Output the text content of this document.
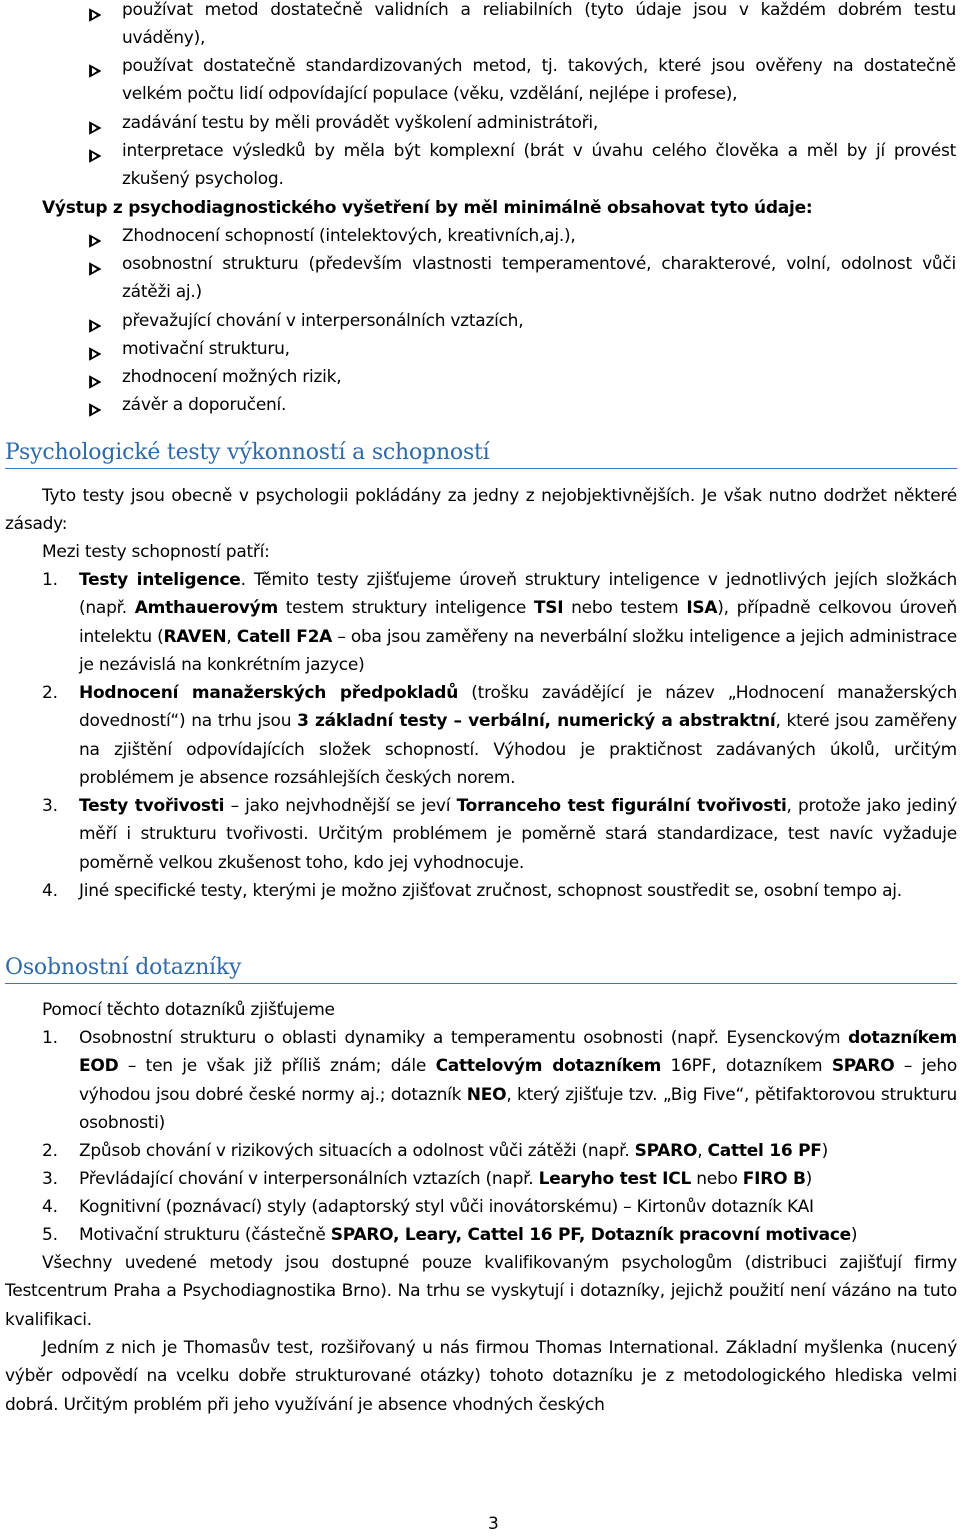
používat metod dostatečně validních a reliabilních (tyto údaje jsou v každém dobrém testu uváděny),
používat dostatečně standardizovaných metod, tj. takových, které jsou ověřeny na dostatečně velkém počtu lidí odpovídající populace (věku, vzdělání, nejlépe i profese),
zadávání testu by měli provádět vyškolení administrátoři,
interpretace výsledků by měla být komplexní (brát v úvahu celého člověka a měl by jí provést zkušený psycholog.
Výstup z psychodiagnostického vyšetření by měl minimálně obsahovat tyto údaje:
Zhodnocení schopností (intelektových, kreativních,aj.),
osobnostní strukturu (především vlastnosti temperamentové, charakterové, volní, odolnost vůči zátěži aj.)
převažující chování v interpersonálních vztazích,
motivační strukturu,
zhodnocení možných rizik,
závěr a doporučení.
Psychologické testy výkonností a schopností
Tyto testy jsou obecně v psychologii pokládány za jedny z nejobjektivnějších. Je však nutno dodržet některé zásady:
Mezi testy schopností patří:
1.	Testy inteligence. Těmito testy zjišťujeme úroveň struktury inteligence v jednotlivých jejích složkách (např. Amthauerovým testem struktury inteligence TSI nebo testem ISA), případně celkovou úroveň intelektu (RAVEN, Catell F2A – oba jsou zaměřeny na neverbální složku inteligence a jejich administrace je nezávislá na konkrétním jazyce)
2.	Hodnocení manažerských předpokladů (trošku zavádějící je název „Hodnocení manažerských dovedností“) na trhu jsou 3 základní testy – verbální, numerický a abstraktní, které jsou zaměřeny na zjištění odpovídajících složek schopností. Výhodou je praktičnost zadávaných úkolů, určitým problémem je absence rozsáhlejších českých norem.
3.	Testy tvořivosti – jako nejvhodnější se jeví Torranceho test figurální tvořivosti, protože jako jediný měří i strukturu tvořivosti. Určitým problémem je poměrně stará standardizace, test navíc vyžaduje poměrně velkou zkušenost toho, kdo jej vyhodnocuje.
4.	Jiné specifické testy, kterými je možno zjišťovat zručnost, schopnost soustředit se, osobní tempo aj.
Osobnostní dotazníky
Pomocí těchto dotazníků zjišťujeme
1.	Osobnostní strukturu o oblasti dynamiky a temperamentu osobnosti (např. Eysenckovým dotazníkem EOD – ten je však již příliš znám; dále Cattelovým dotazníkem 16PF, dotazníkem SPARO – jeho výhodou jsou dobré české normy aj.; dotazník NEO, který zjišťuje tzv. „Big Five“, pětifaktorovou strukturu osobnosti)
2.	Způsob chování v rizikových situacích a odolnost vůči zátěži (např. SPARO, Cattel 16 PF)
3.	Převládající chování v interpersonálních vztazích (např. Learyho test ICL nebo FIRO B)
4.	Kognitivní (poznávací) styly (adaptorský styl vůči inovátorskému) – Kirtonův dotazník KAI
5.	Motivační strukturu (částečně SPARO, Leary, Cattel 16 PF, Dotazník pracovní motivace)
Všechny uvedené metody jsou dostupné pouze kvalifikovaným psychologům (distribuci zajišťují firmy Testcentrum Praha a Psychodiagnostika Brno). Na trhu se vyskytují i dotazníky, jejichž použití není vázáno na tuto kvalifikaci.
Jedním z nich je Thomasův test, rozšiřovaný u nás firmou Thomas International. Základní myšlenka (nucený výběr odpovědí na vcelku dobře strukturované otázky) tohoto dotazníku je z metodologického hlediska velmi dobrá. Určitým problém při jeho využívání je absence vhodných českých
3
